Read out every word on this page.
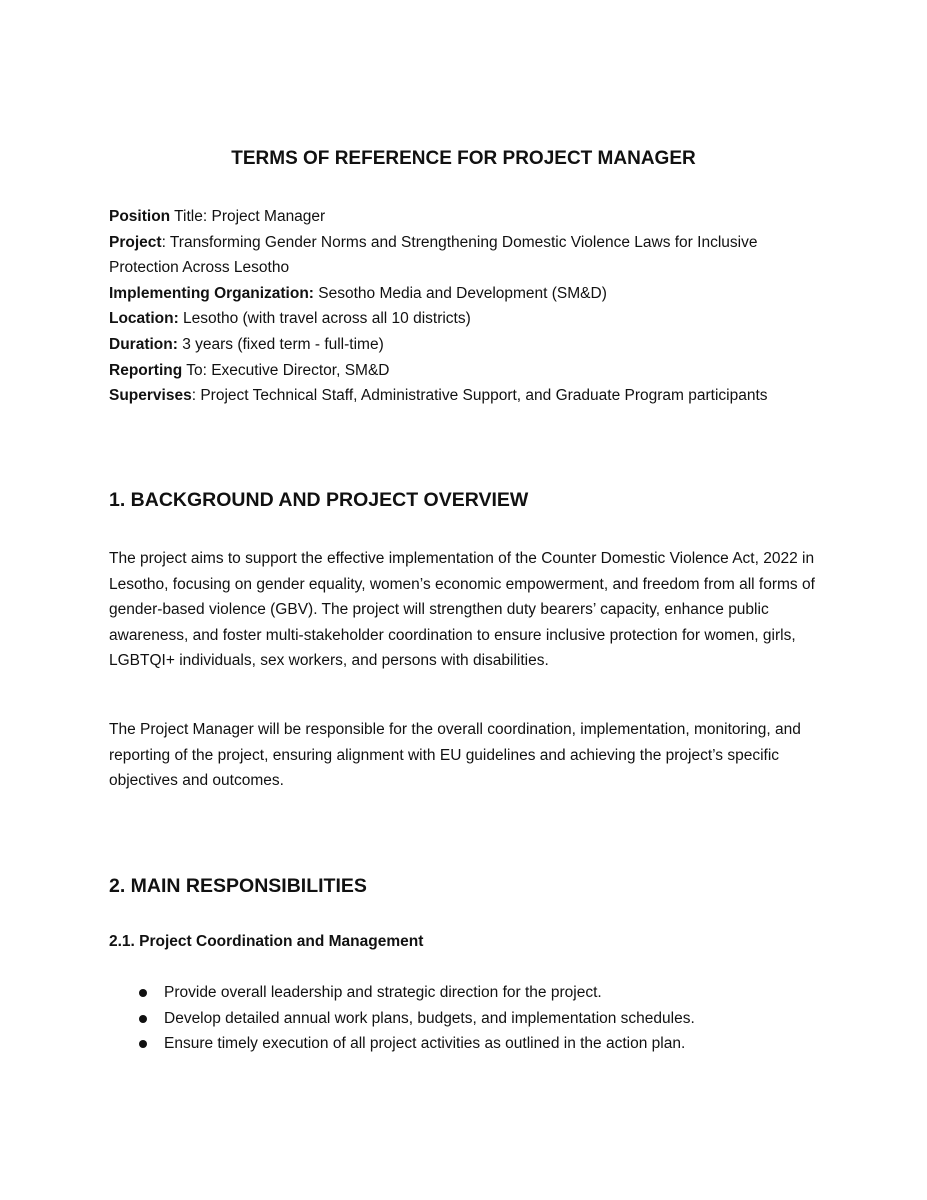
TERMS OF REFERENCE FOR PROJECT MANAGER

Position Title: Project Manager

Project: Transforming Gender Norms and Strengthening Domestic Violence Laws for Inclusive Protection Across Lesotho

Implementing Organization: Sesotho Media and Development (SM&D)

Location: Lesotho (with travel across all 10 districts)

Duration: 3 years (fixed term - full-time)

Reporting To: Executive Director, SM&D

Supervises: Project Technical Staff, Administrative Support, and Graduate Program participants

1. BACKGROUND AND PROJECT OVERVIEW

The project aims to support the effective implementation of the Counter Domestic Violence Act, 2022 in Lesotho, focusing on gender equality, women’s economic empowerment, and freedom from all forms of gender-based violence (GBV). The project will strengthen duty bearers’ capacity, enhance public awareness, and foster multi-stakeholder coordination to ensure inclusive protection for women, girls, LGBTQI+ individuals, sex workers, and persons with disabilities.

The Project Manager will be responsible for the overall coordination, implementation, monitoring, and reporting of the project, ensuring alignment with EU guidelines and achieving the project’s specific objectives and outcomes.

2. MAIN RESPONSIBILITIES
2.1. Project Coordination and Management
Provide overall leadership and strategic direction for the project.
Develop detailed annual work plans, budgets, and implementation schedules.
Ensure timely execution of all project activities as outlined in the action plan.
